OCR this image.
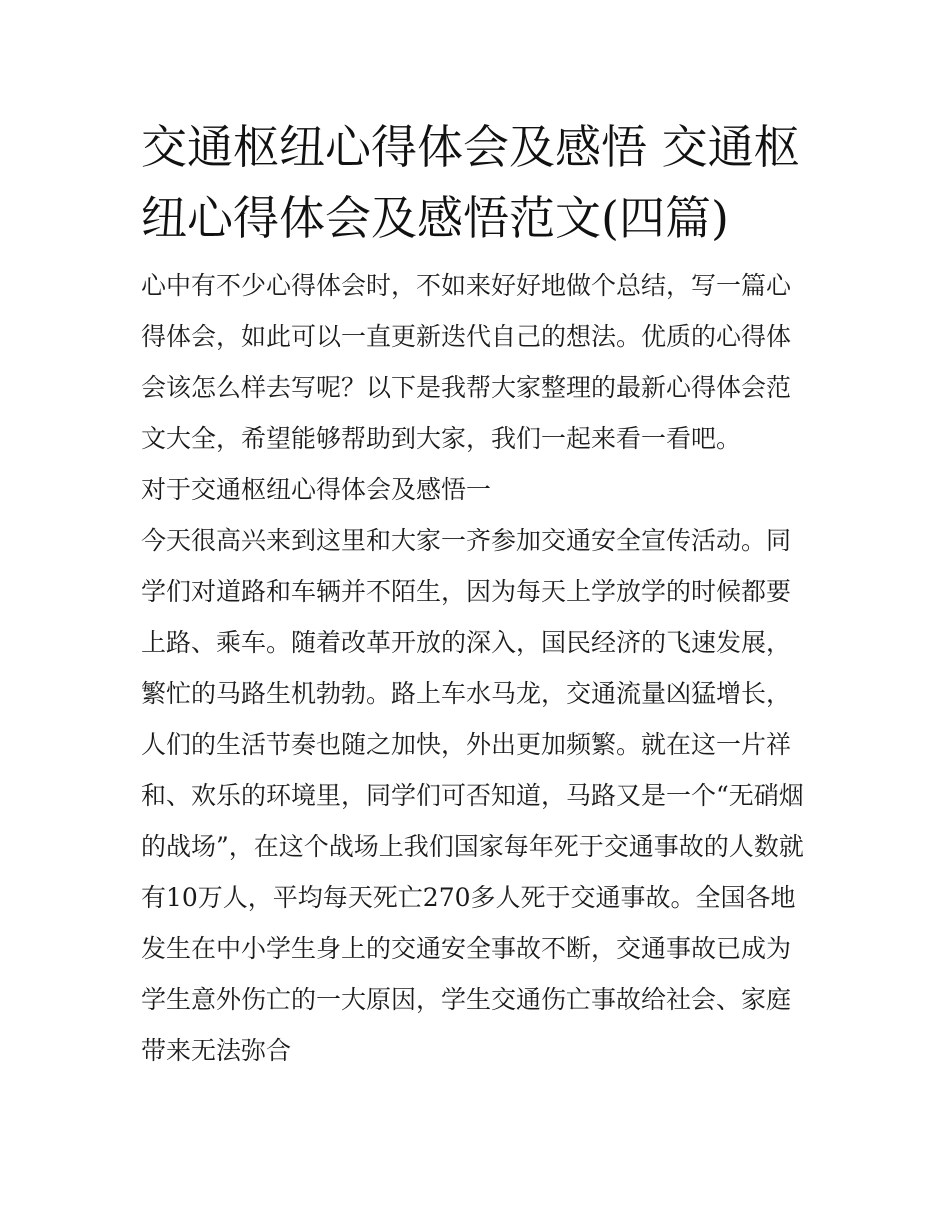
交通枢纽心得体会及感悟 交通枢纽心得体会及感悟范文(四篇)

心中有不少心得体会时，不如来好好地做个总结，写一篇心得体会，如此可以一直更新迭代自己的想法。优质的心得体会该怎么样去写呢？以下是我帮大家整理的最新心得体会范文大全，希望能够帮助到大家，我们一起来看一看吧。

对于交通枢纽心得体会及感悟一

今天很高兴来到这里和大家一齐参加交通安全宣传活动。同学们对道路和车辆并不陌生，因为每天上学放学的时候都要上路、乘车。随着改革开放的深入，国民经济的飞速发展，繁忙的马路生机勃勃。路上车水马龙，交通流量凶猛增长，人们的生活节奏也随之加快，外出更加频繁。就在这一片祥和、欢乐的环境里，同学们可否知道，马路又是一个“无硝烟的战场”，在这个战场上我们国家每年死于交通事故的人数就有10万人，平均每天死亡270多人死于交通事故。全国各地发生在中小学生身上的交通安全事故不断，交通事故已成为学生意外伤亡的一大原因，学生交通伤亡事故给社会、家庭带来无法弥合
